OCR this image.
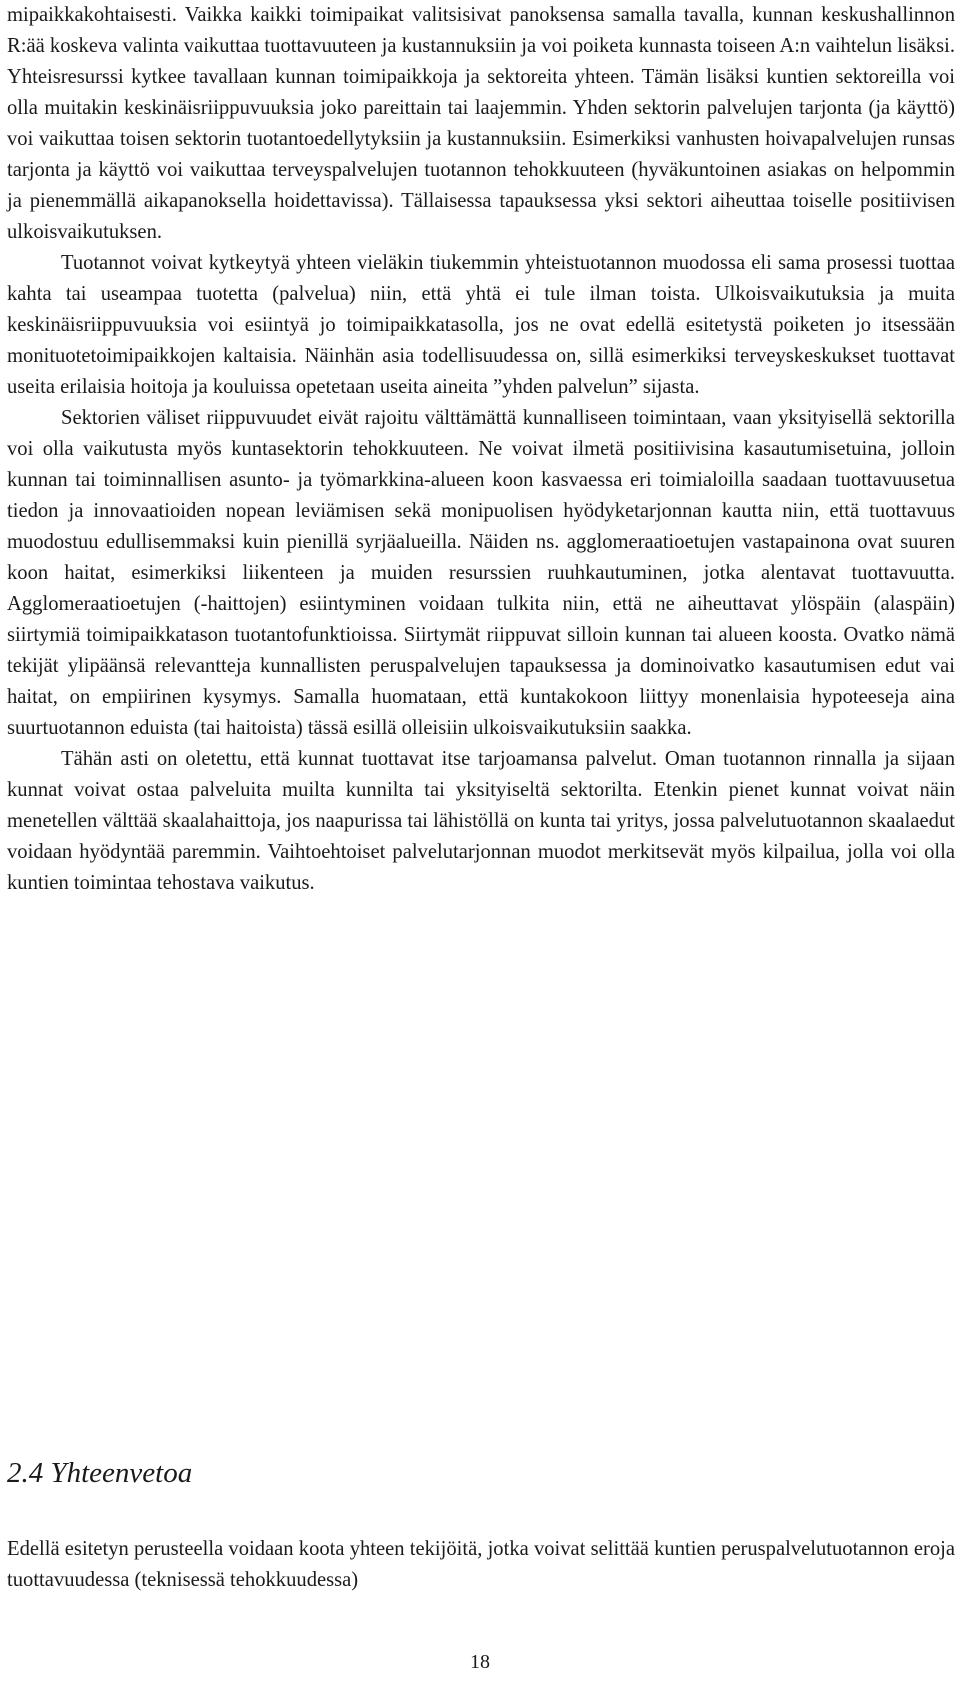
mipaikkakohtaisesti. Vaikka kaikki toimipaikat valitsisivat panoksensa samalla tavalla, kunnan keskushallinnon R:ää koskeva valinta vaikuttaa tuottavuuteen ja kustannuksiin ja voi poiketa kunnasta toiseen A:n vaihtelun lisäksi. Yhteisresurssi kytkee tavallaan kunnan toimipaikkoja ja sektoreita yhteen. Tämän lisäksi kuntien sektoreilla voi olla muitakin keskinäisriippuvuuksia joko pareittain tai laajemmin. Yhden sektorin palvelujen tarjonta (ja käyttö) voi vaikuttaa toisen sektorin tuotantoedellytyksiin ja kustannuksiin. Esimerkiksi vanhusten hoivapalvelujen runsas tarjonta ja käyttö voi vaikuttaa terveyspalvelujen tuotannon tehokkuuteen (hyväkuntoinen asiakas on helpommin ja pienemmällä aikapanoksella hoidettavissa). Tällaisessa tapauksessa yksi sektori aiheuttaa toiselle positiivisen ulkoisvaikutuksen.

Tuotannot voivat kytkeytyä yhteen vieläkin tiukemmin yhteistuotannon muodossa eli sama prosessi tuottaa kahta tai useampaa tuotetta (palvelua) niin, että yhtä ei tule ilman toista. Ulkoisvaikutuksia ja muita keskinäisriippuvuuksia voi esiintyä jo toimipaikkatasolla, jos ne ovat edellä esitetystä poiketen jo itsessään monituotetoimipaikkojen kaltaisia. Näinhän asia todellisuudessa on, sillä esimerkiksi terveyskeskukset tuottavat useita erilaisia hoitoja ja kouluissa opetetaan useita aineita ”yhden palvelun” sijasta.

Sektorien väliset riippuvuudet eivät rajoitu välttämättä kunnalliseen toimintaan, vaan yksityisellä sektorilla voi olla vaikutusta myös kuntasektorin tehokkuuteen. Ne voivat ilmetä positiivisina kasautumisetuina, jolloin kunnan tai toiminnallisen asunto- ja työmarkkina-alueen koon kasvaessa eri toimialoilla saadaan tuottavuusetua tiedon ja innovaatioiden nopean leviämisen sekä monipuolisen hyödyketarjonnan kautta niin, että tuottavuus muodostuu edullisemmaksi kuin pienillä syrjäalueilla. Näiden ns. agglomeraatioetujen vastapainona ovat suuren koon haitat, esimerkiksi liikenteen ja muiden resurssien ruuhkautuminen, jotka alentavat tuottavuutta. Agglomeraatioetujen (-haittojen) esiintyminen voidaan tulkita niin, että ne aiheuttavat ylöspäin (alaspäin) siirtymiä toimipaikkatason tuotantofunktioissa. Siirtymät riippuvat silloin kunnan tai alueen koosta. Ovatko nämä tekijät ylipäänsä relevantteja kunnallisten peruspalvelujen tapauksessa ja dominoivatko kasautumisen edut vai haitat, on empiirinen kysymys. Samalla huomataan, että kuntakokoon liittyy monenlaisia hypoteeseja aina suurtuotannon eduista (tai haitoista) tässä esillä olleisiin ulkoisvaikutuksiin saakka.

Tähän asti on oletettu, että kunnat tuottavat itse tarjoamansa palvelut. Oman tuotannon rinnalla ja sijaan kunnat voivat ostaa palveluita muilta kunnilta tai yksityiseltä sektorilta. Etenkin pienet kunnat voivat näin menetellen välttää skaalahaittoja, jos naapurissa tai lähistöllä on kunta tai yritys, jossa palvelutuotannon skaalaedut voidaan hyödyntää paremmin. Vaihtoehtoiset palvelutarjonnan muodot merkitsevät myös kilpailua, jolla voi olla kuntien toimintaa tehostava vaikutus.

2.4 Yhteenvetoa

Edellä esitetyn perusteella voidaan koota yhteen tekijöitä, jotka voivat selittää kuntien peruspalvelutuotannon eroja tuottavuudessa (teknisessä tehokkuudessa)

18
